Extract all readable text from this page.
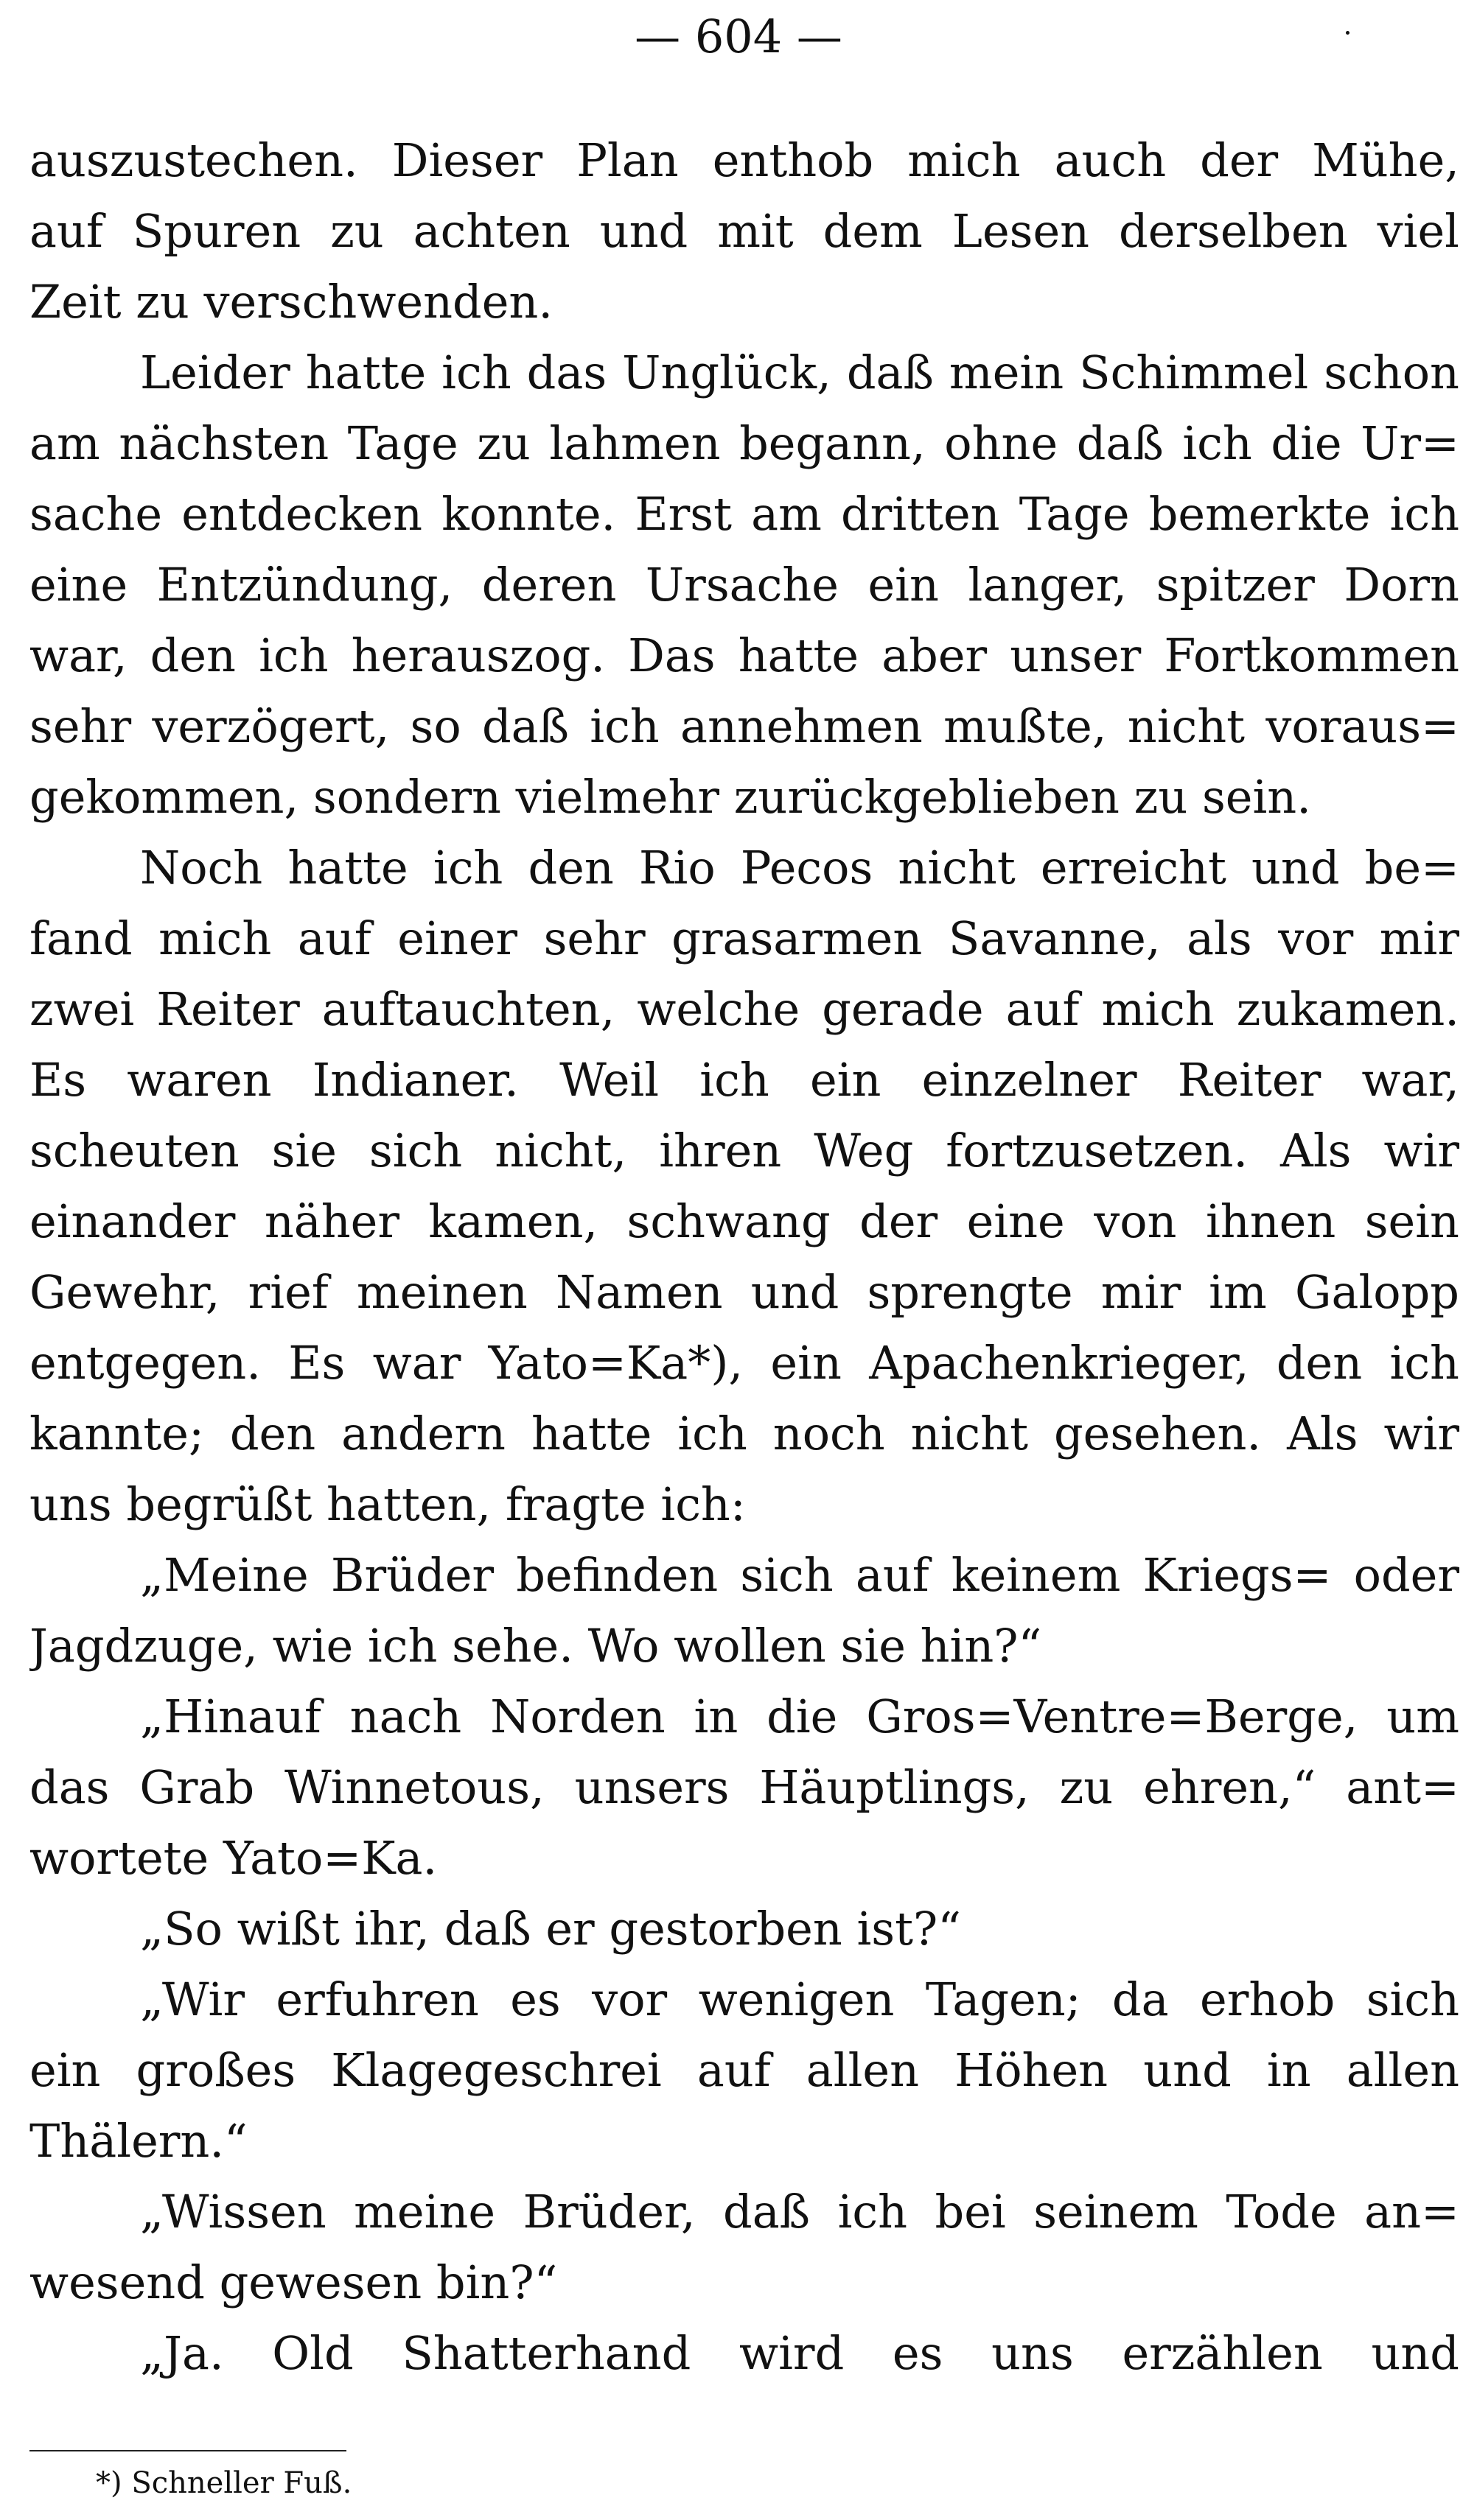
— 604 —
auszustechen. Dieser Plan enthob mich auch der Mühe,
auf Spuren zu achten und mit dem Lesen derselben viel
Zeit zu verschwenden.
Leider hatte ich das Unglück, daß mein Schimmel schon
am nächsten Tage zu lahmen begann, ohne daß ich die Ur=
sache entdecken konnte. Erst am dritten Tage bemerkte ich
eine Entzündung, deren Ursache ein langer, spitzer Dorn
war, den ich herauszog. Das hatte aber unser Fortkommen
sehr verzögert, so daß ich annehmen mußte, nicht voraus=
gekommen, sondern vielmehr zurückgeblieben zu sein.
Noch hatte ich den Rio Pecos nicht erreicht und be=
fand mich auf einer sehr grasarmen Savanne, als vor mir
zwei Reiter auftauchten, welche gerade auf mich zukamen.
Es waren Indianer. Weil ich ein einzelner Reiter war,
scheuten sie sich nicht, ihren Weg fortzusetzen. Als wir
einander näher kamen, schwang der eine von ihnen sein
Gewehr, rief meinen Namen und sprengte mir im Galopp
entgegen. Es war Yato=Ka*), ein Apachenkrieger, den ich
kannte; den andern hatte ich noch nicht gesehen. Als wir
uns begrüßt hatten, fragte ich:
„Meine Brüder befinden sich auf keinem Kriegs= oder
Jagdzuge, wie ich sehe. Wo wollen sie hin?“
„Hinauf nach Norden in die Gros=Ventre=Berge, um
das Grab Winnetous, unsers Häuptlings, zu ehren,“ ant=
wortete Yato=Ka.
„So wißt ihr, daß er gestorben ist?“
„Wir erfuhren es vor wenigen Tagen; da erhob sich
ein großes Klagegeschrei auf allen Höhen und in allen
Thälern.“
„Wissen meine Brüder, daß ich bei seinem Tode an=
wesend gewesen bin?“
„Ja. Old Shatterhand wird es uns erzählen und
*) Schneller Fuß.
